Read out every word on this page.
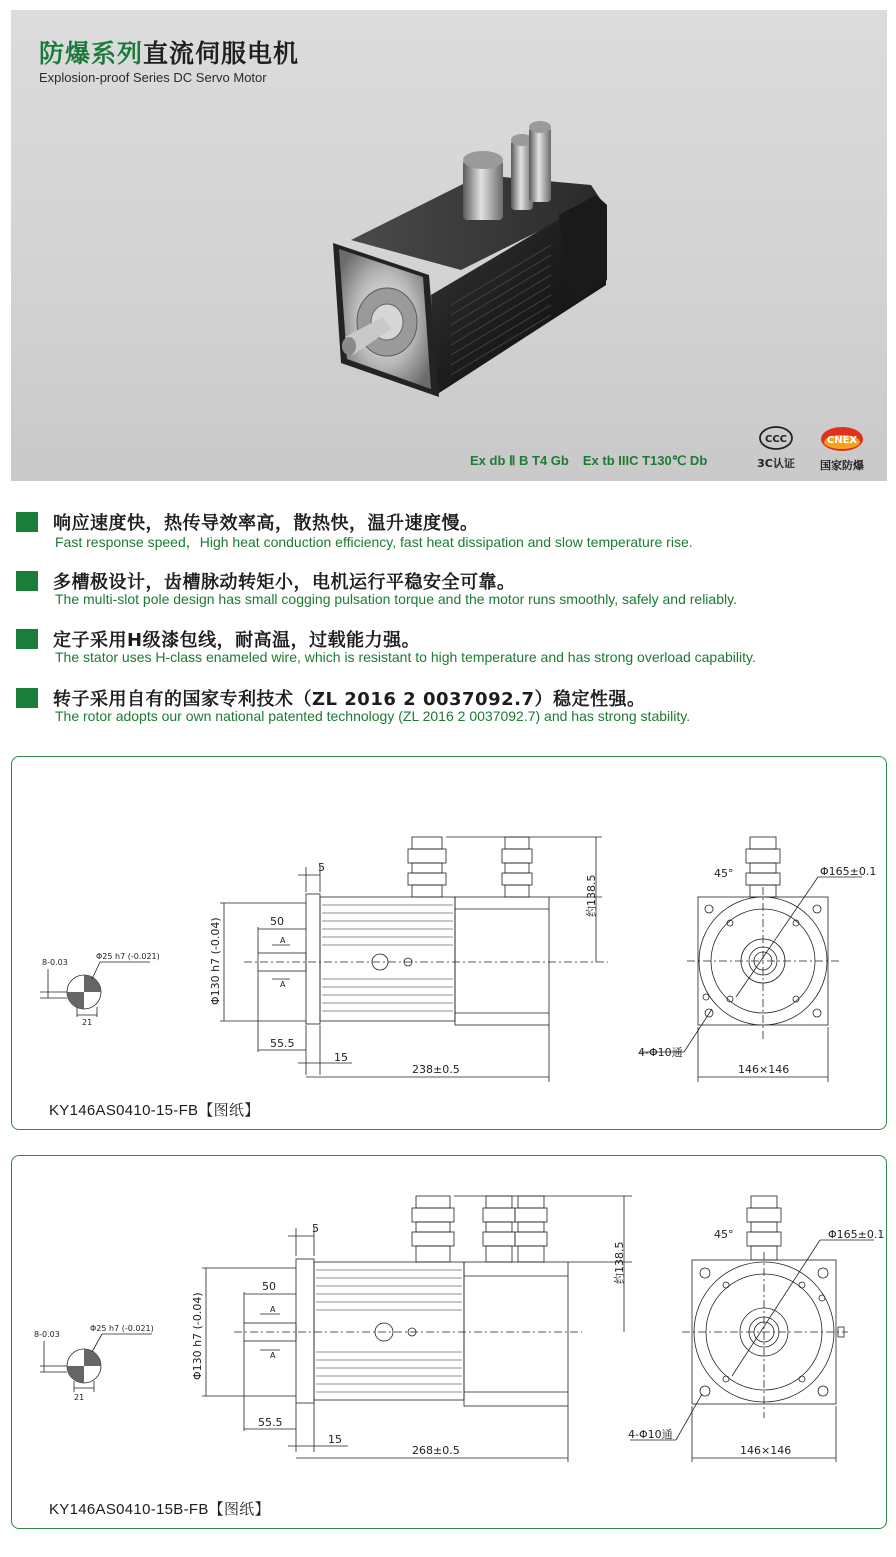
防爆系列直流伺服电机
Explosion-proof Series DC Servo Motor
Ex db Ⅱ B T4 Gb Ex tb IIIC T130℃ Db
CCC
3C认证
CNEX
国家防爆
响应速度快，热传导效率高，散热快，温升速度慢。
Fast response speed，High heat conduction efficiency, fast heat dissipation and slow temperature rise.
多槽极设计，齿槽脉动转矩小，电机运行平稳安全可靠。
The multi-slot pole design has small cogging pulsation torque and the motor runs smoothly, safely and reliably.
定子采用H级漆包线，耐高温，过载能力强。
The stator uses H-class enameled wire, which is resistant to high temperature and has strong overload capability.
转子采用自有的国家专利技术（ZL 2016 2 0037092.7）稳定性强。
The rotor adopts our own national patented technology (ZL 2016 2 0037092.7) and has strong stability.
8-0.03
Φ25 h7 (-0.021)
21
5
50
A
A
Φ130 h7 (-0.04)
约138.5
55.5
15
238±0.5	146×146
4-Φ10通
Φ165±0.1
45°
KY146AS0410-15-FB【图纸】
8-0.03
Φ25 h7 (-0.021)
21
5
50
A
A
Φ130 h7 (-0.04)
约138.5
55.5
15
268±0.5	146×146
4-Φ10通
Φ165±0.1
45°
KY146AS0410-15B-FB【图纸】
